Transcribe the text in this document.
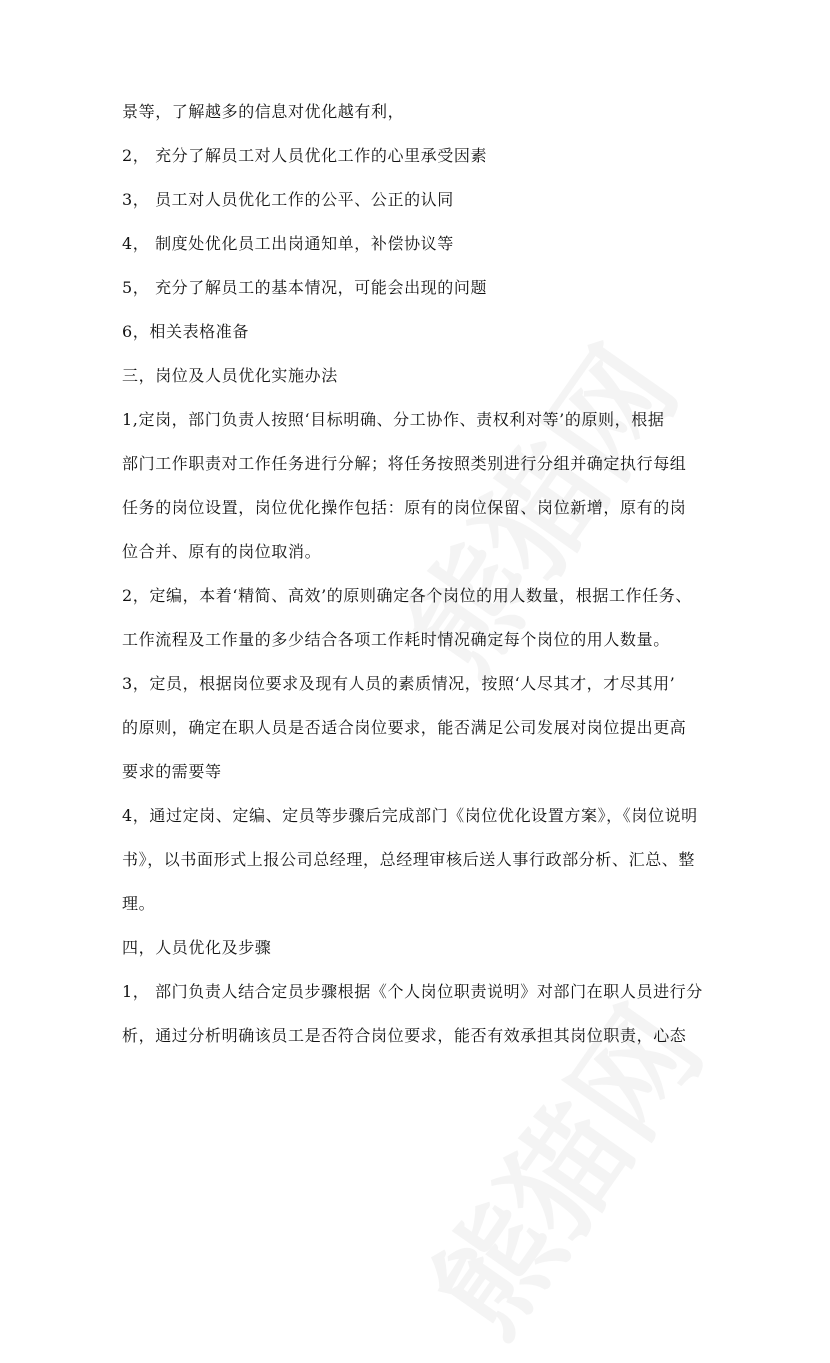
景等，了解越多的信息对优化越有利，
2， 充分了解员工对人员优化工作的心里承受因素
3， 员工对人员优化工作的公平、公正的认同
4， 制度处优化员工出岗通知单，补偿协议等
5， 充分了解员工的基本情况，可能会出现的问题
6，相关表格准备
三，岗位及人员优化实施办法
1,定岗，部门负责人按照‘目标明确、分工协作、责权利对等’的原则，根据
部门工作职责对工作任务进行分解；将任务按照类别进行分组并确定执行每组
任务的岗位设置，岗位优化操作包括：原有的岗位保留、岗位新增，原有的岗
位合并、原有的岗位取消。
2，定编，本着‘精简、高效’的原则确定各个岗位的用人数量，根据工作任务、
工作流程及工作量的多少结合各项工作耗时情况确定每个岗位的用人数量。
3，定员，根据岗位要求及现有人员的素质情况，按照‘人尽其才，才尽其用’
的原则，确定在职人员是否适合岗位要求，能否满足公司发展对岗位提出更高
要求的需要等
4，通过定岗、定编、定员等步骤后完成部门《岗位优化设置方案》，《岗位说明
书》，以书面形式上报公司总经理，总经理审核后送人事行政部分析、汇总、整
理。
四，人员优化及步骤
1， 部门负责人结合定员步骤根据《个人岗位职责说明》对部门在职人员进行分
析，通过分析明确该员工是否符合岗位要求，能否有效承担其岗位职责，心态
